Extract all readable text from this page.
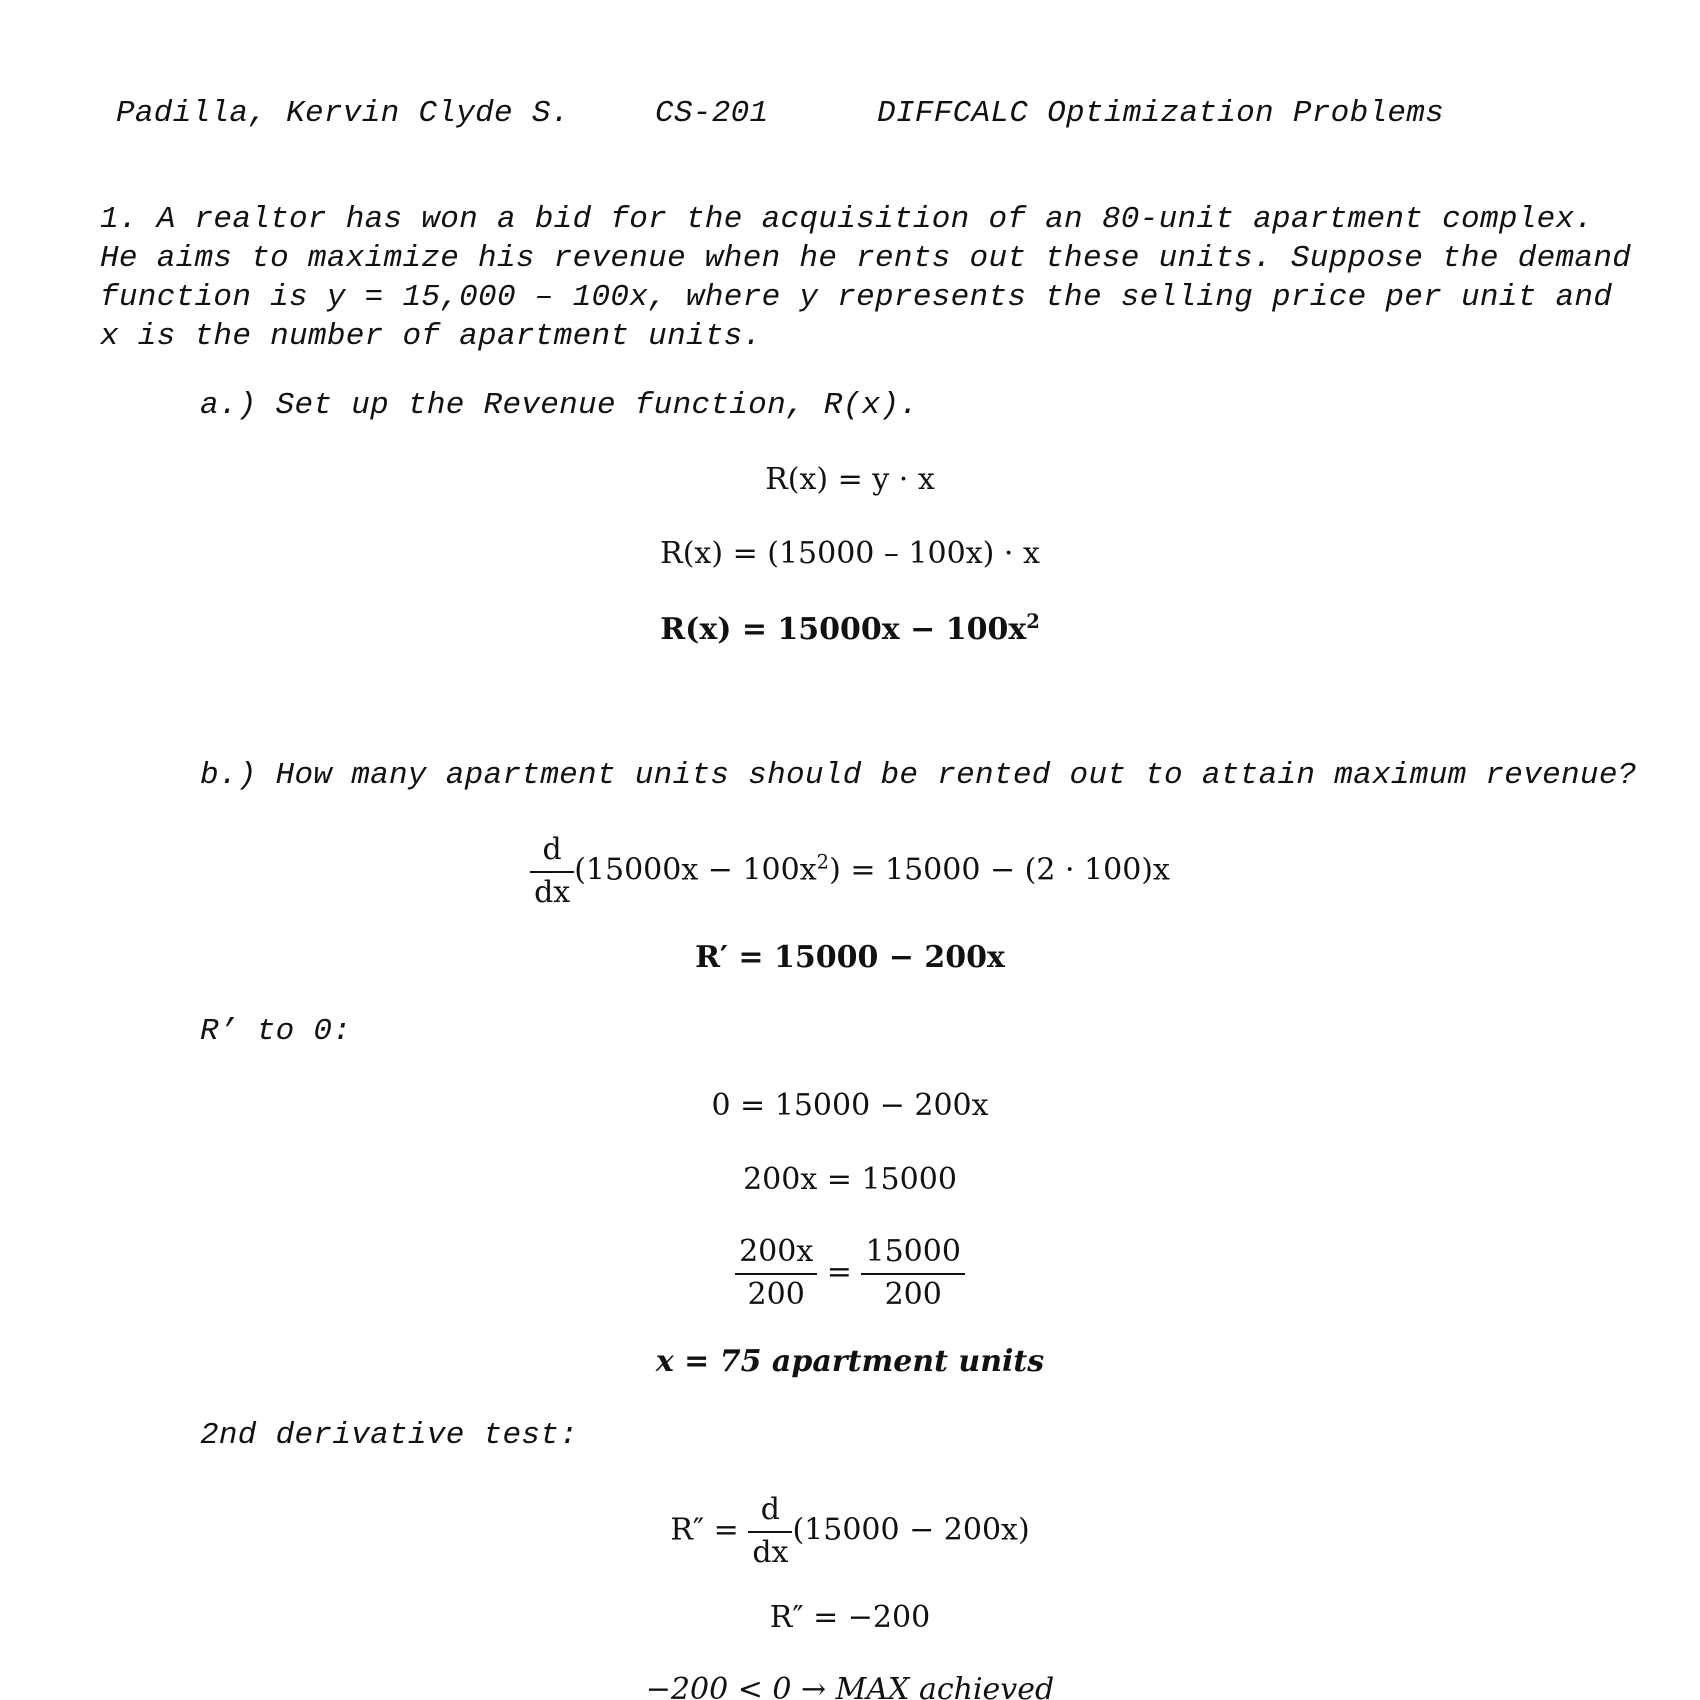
Padilla, Kervin Clyde S.	CS-201	DIFFCALC Optimization Problems
1. A realtor has won a bid for the acquisition of an 80-unit apartment complex.
He aims to maximize his revenue when he rents out these units. Suppose the demand
function is y = 15,000 – 100x, where y represents the selling price per unit and
x is the number of apartment units.
a.) Set up the Revenue function, R(x).
R(x) = y · x
R(x) = (15000 – 100x) · x
$R(x) = 15000x - 100x^2$
b.) How many apartment units should be rented out to attain maximum revenue?
$\frac{d}{dx} (15000x - 100x^2) = 15000 - (2 \cdot 100)x$
R′ = 15000 − 200x
R’ to 0:
0 = 15000 − 200x
200x = 15000
$\frac{200x}{200} = \frac{15000}{200}$
x = 75 apartment units
2nd derivative test:
$R'' = \frac{d}{dx} (15000 - 200x)$
R″ = −200
−200 < 0 → MAX achieved
